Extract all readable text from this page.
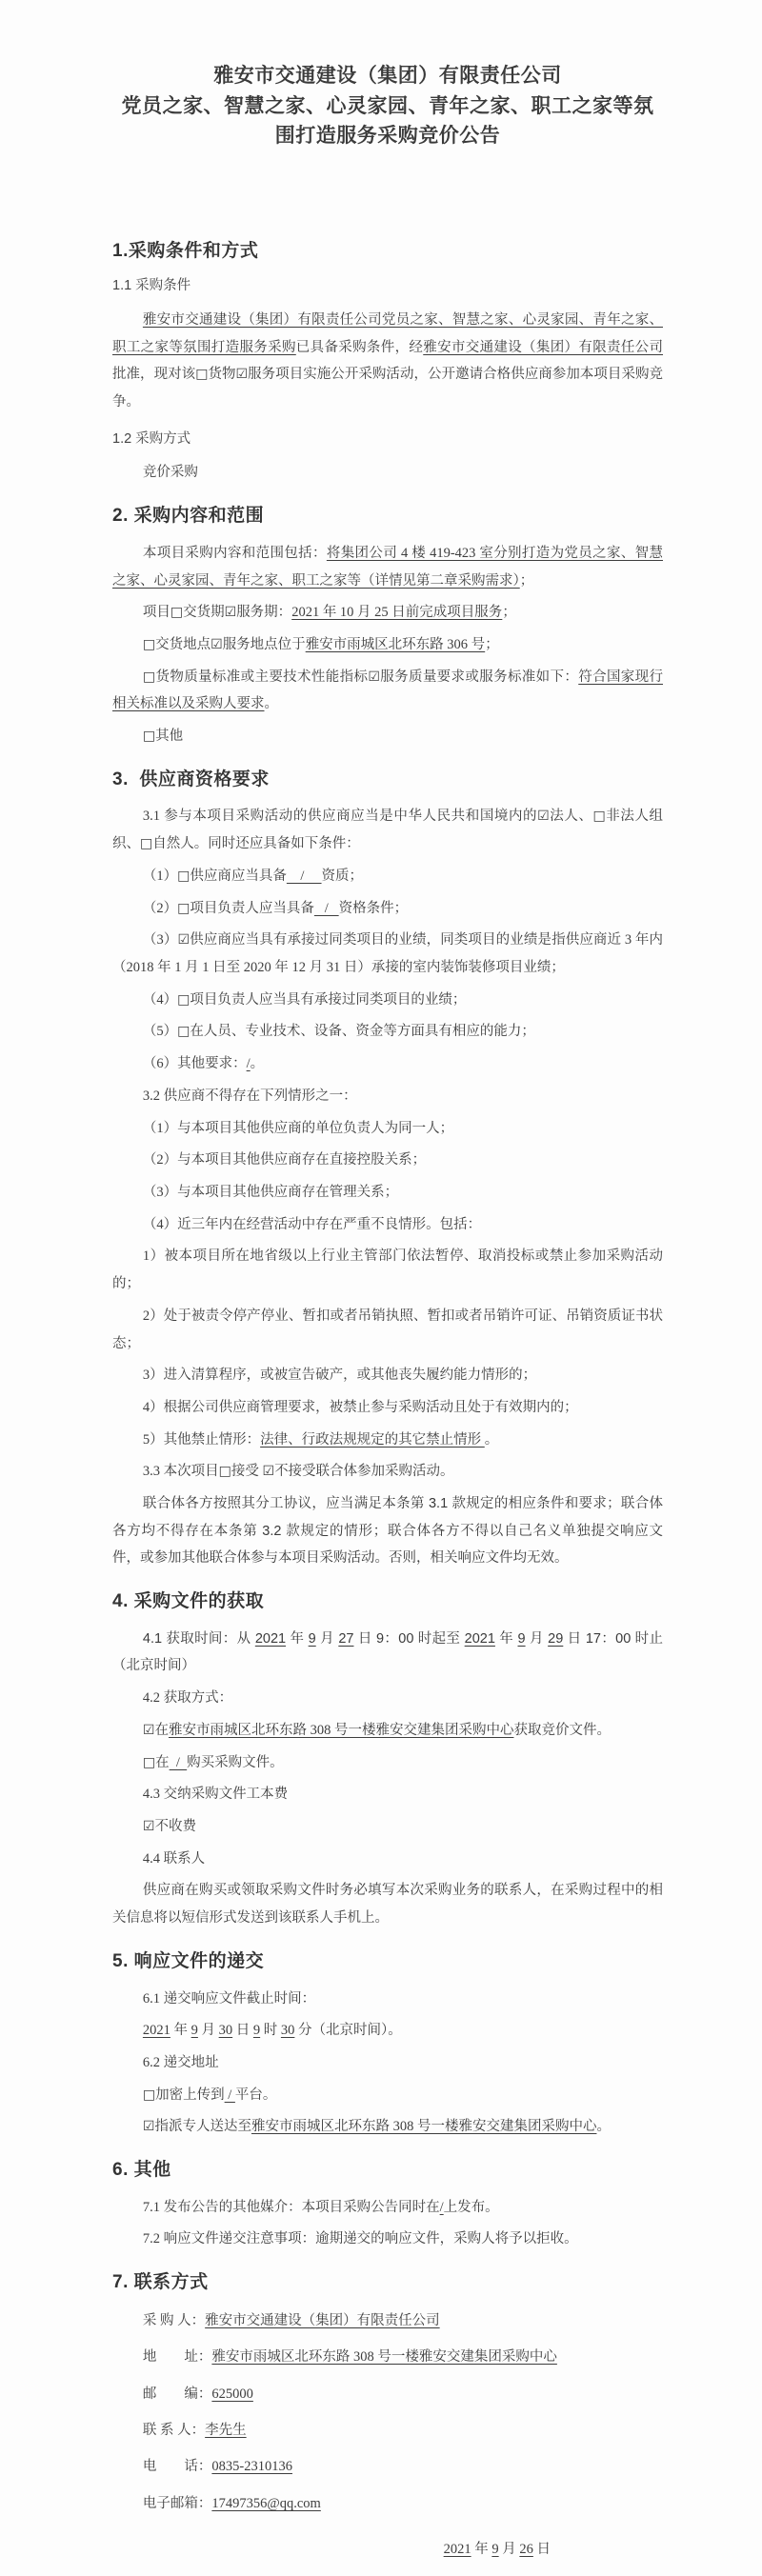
雅安市交通建设（集团）有限责任公司
党员之家、智慧之家、心灵家园、青年之家、职工之家等氛围打造服务采购竞价公告
1.采购条件和方式
1.1 采购条件
雅安市交通建设（集团）有限责任公司党员之家、智慧之家、心灵家园、青年之家、职工之家等氛围打造服务采购已具备采购条件，经雅安市交通建设（集团）有限责任公司批准，现对该□货物☑服务项目实施公开采购活动，公开邀请合格供应商参加本项目采购竞争。
1.2 采购方式
竞价采购
2. 采购内容和范围
本项目采购内容和范围包括：将集团公司 4 楼 419-423 室分别打造为党员之家、智慧之家、心灵家园、青年之家、职工之家等（详情见第二章采购需求）；
项目□交货期☑服务期：2021 年 10 月 25 日前完成项目服务；
□交货地点☑服务地点位于雅安市雨城区北环东路 306 号；
□货物质量标准或主要技术性能指标☑服务质量要求或服务标准如下：符合国家现行相关标准以及采购人要求。
□其他
3.  供应商资格要求
3.1 参与本项目采购活动的供应商应当是中华人民共和国境内的☑法人、□非法人组织、□自然人。同时还应具备如下条件：
（1）□供应商应当具备    /     资质；
（2）□项目负责人应当具备   /   资格条件；
（3）☑供应商应当具有承接过同类项目的业绩，同类项目的业绩是指供应商近 3 年内（2018 年 1 月 1 日至 2020 年 12 月 31 日）承接的室内装饰装修项目业绩；
（4）□项目负责人应当具有承接过同类项目的业绩；
（5）□在人员、专业技术、设备、资金等方面具有相应的能力；
（6）其他要求：/。
3.2 供应商不得存在下列情形之一：
（1）与本项目其他供应商的单位负责人为同一人；
（2）与本项目其他供应商存在直接控股关系；
（3）与本项目其他供应商存在管理关系；
（4）近三年内在经营活动中存在严重不良情形。包括：
1）被本项目所在地省级以上行业主管部门依法暂停、取消投标或禁止参加采购活动的；
2）处于被责令停产停业、暂扣或者吊销执照、暂扣或者吊销许可证、吊销资质证书状态；
3）进入清算程序，或被宣告破产，或其他丧失履约能力情形的；
4）根据公司供应商管理要求，被禁止参与采购活动且处于有效期内的；
5）其他禁止情形：法律、行政法规规定的其它禁止情形 。
3.3 本次项目□接受 ☑不接受联合体参加采购活动。
联合体各方按照其分工协议，应当满足本条第 3.1 款规定的相应条件和要求；联合体各方均不得存在本条第 3.2 款规定的情形；联合体各方不得以自己名义单独提交响应文件，或参加其他联合体参与本项目采购活动。否则，相关响应文件均无效。
4. 采购文件的获取
4.1 获取时间：从 2021 年 9 月 27 日 9：00 时起至 2021 年 9 月 29 日 17：00 时止（北京时间）
4.2 获取方式：
☑在雅安市雨城区北环东路 308 号一楼雅安交建集团采购中心获取竞价文件。
□在  /  购买采购文件。
4.3 交纳采购文件工本费
☑不收费
4.4 联系人
供应商在购买或领取采购文件时务必填写本次采购业务的联系人，在采购过程中的相关信息将以短信形式发送到该联系人手机上。
5. 响应文件的递交
6.1 递交响应文件截止时间：
2021 年 9 月 30 日 9 时 30 分（北京时间）。
6.2 递交地址
□加密上传到 / 平台。
☑指派专人送达至雅安市雨城区北环东路 308 号一楼雅安交建集团采购中心。
6. 其他
7.1 发布公告的其他媒介：本项目采购公告同时在/上发布。
7.2 响应文件递交注意事项：逾期递交的响应文件，采购人将予以拒收。
7. 联系方式
采 购 人：雅安市交通建设（集团）有限责任公司
地　　址：雅安市雨城区北环东路 308 号一楼雅安交建集团采购中心
邮　　编：625000
联 系 人：李先生
电　　话：0835-2310136
电子邮箱：17497356@qq.com
2021 年 9 月 26 日
